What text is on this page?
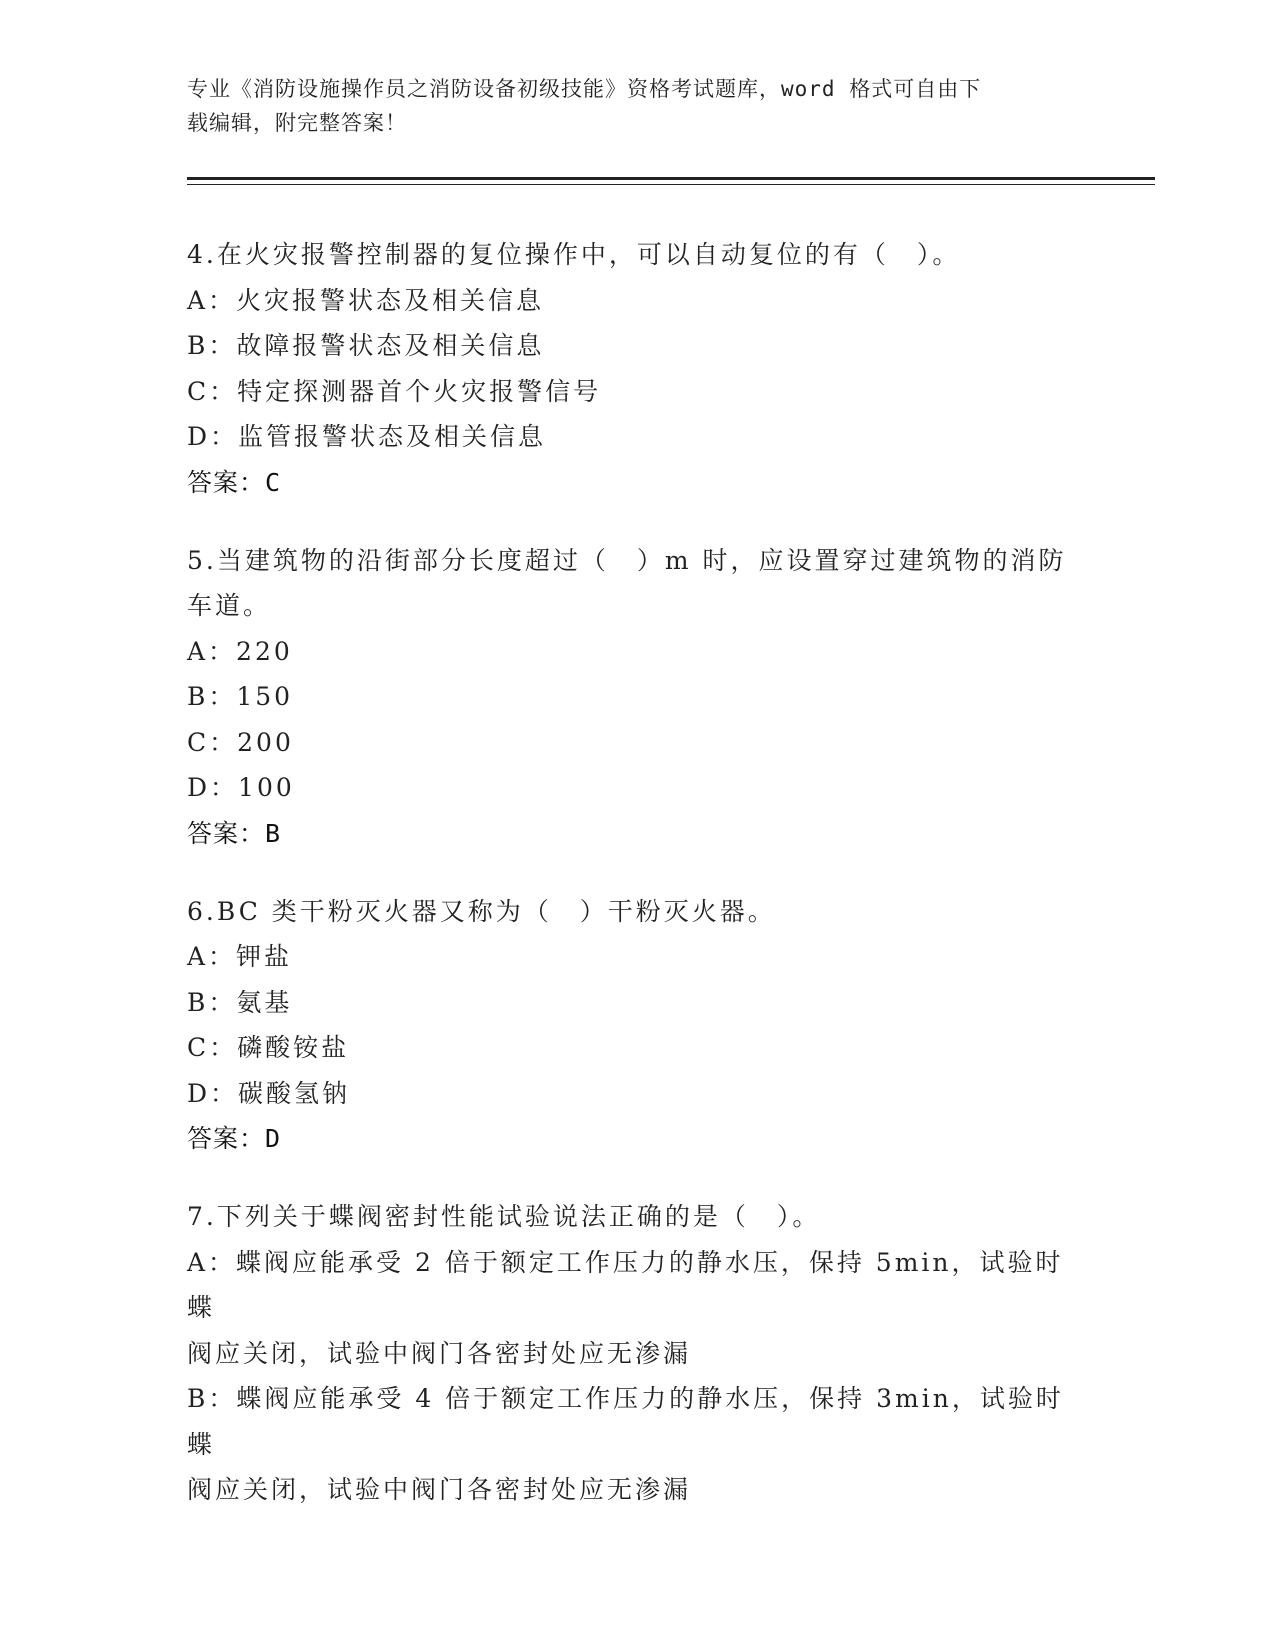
专业《消防设施操作员之消防设备初级技能》资格考试题库，word 格式可自由下
载编辑，附完整答案！
4.在火灾报警控制器的复位操作中，可以自动复位的有（　）。
A：火灾报警状态及相关信息
B：故障报警状态及相关信息
C：特定探测器首个火灾报警信号
D：监管报警状态及相关信息
答案：C
5.当建筑物的沿街部分长度超过（　）m 时，应设置穿过建筑物的消防
车道。
A：220
B：150
C：200
D：100
答案：B
6.BC 类干粉灭火器又称为（　）干粉灭火器。
A：钾盐
B：氨基
C：磷酸铵盐
D：碳酸氢钠
答案：D
7.下列关于蝶阀密封性能试验说法正确的是（　）。
A：蝶阀应能承受 2 倍于额定工作压力的静水压，保持 5min，试验时蝶
阀应关闭，试验中阀门各密封处应无渗漏
B：蝶阀应能承受 4 倍于额定工作压力的静水压，保持 3min，试验时蝶
阀应关闭，试验中阀门各密封处应无渗漏
